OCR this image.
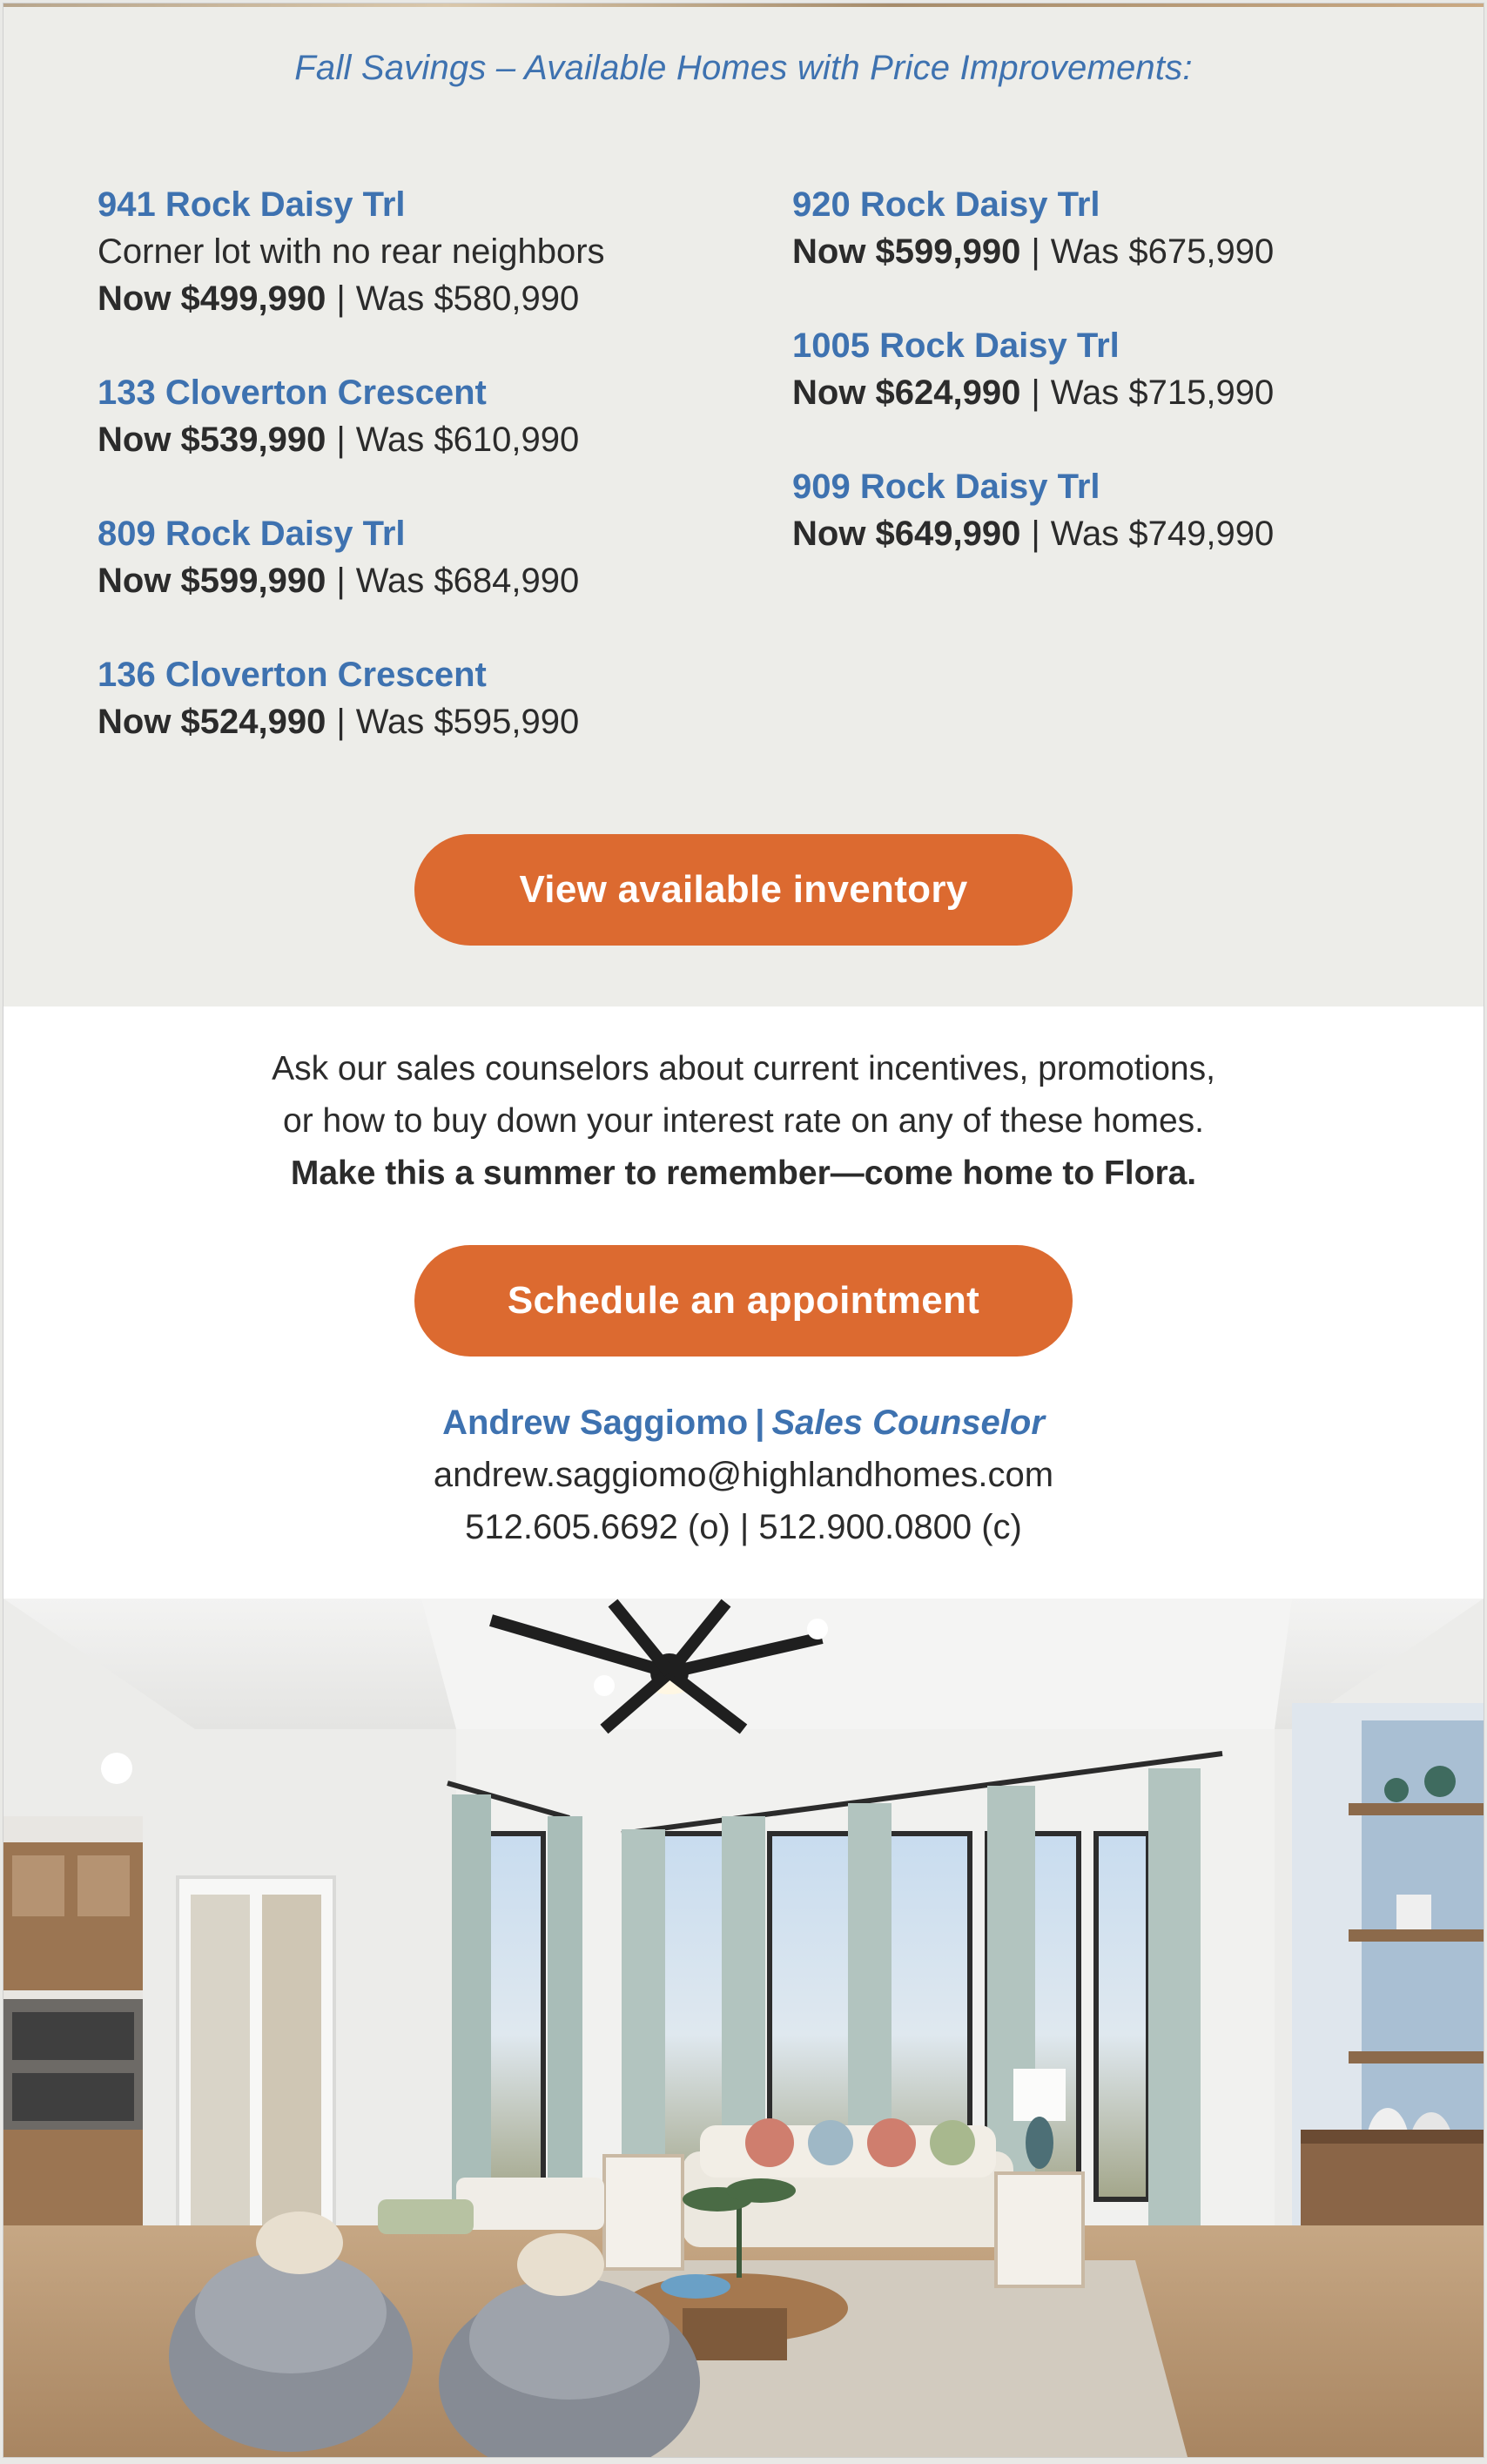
Fall Savings – Available Homes with Price Improvements:
941 Rock Daisy Trl
Corner lot with no rear neighbors
Now $499,990 | Was $580,990
133 Cloverton Crescent
Now $539,990 | Was $610,990
809 Rock Daisy Trl
Now $599,990 | Was $684,990
136 Cloverton Crescent
Now $524,990 | Was $595,990
920 Rock Daisy Trl
Now $599,990 | Was $675,990
1005 Rock Daisy Trl
Now $624,990 | Was $715,990
909 Rock Daisy Trl
Now $649,990 | Was $749,990
View available inventory
Ask our sales counselors about current incentives, promotions,
or how to buy down your interest rate on any of these homes.
Make this a summer to remember—come home to Flora.
Schedule an appointment
Andrew Saggiomo | Sales Counselor
andrew.saggiomo@highlandhomes.com
512.605.6692 (o) | 512.900.0800 (c)
